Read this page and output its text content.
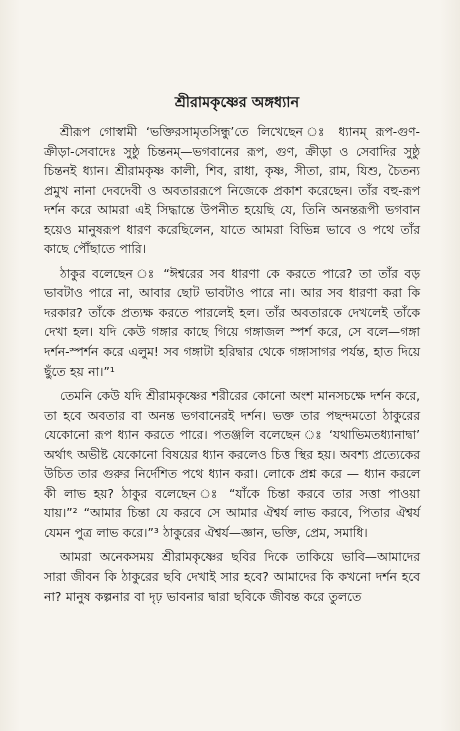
শ্রীরামকৃষ্ণের অঙ্গধ্যান

শ্রীরূপ গোস্বামী ‘ভক্তিরসামৃতসিন্ধু’তে লিখেছেন ঃ ধ্যানম্ রূপ-গুণ-ক্রীড়া-সেবাদেঃ সুষ্ঠু চিন্তনম্—ভগবানের রূপ, গুণ, ক্রীড়া ও সেবাদির সুষ্ঠু চিন্তনই ধ্যান। শ্রীরামকৃষ্ণ কালী, শিব, রাধা, কৃষ্ণ, সীতা, রাম, যিশু, চৈতন্য প্রমুখ নানা দেবদেবী ও অবতাররূপে নিজেকে প্রকাশ করেছেন। তাঁর বহু-রূপ দর্শন করে আমরা এই সিদ্ধান্তে উপনীত হয়েছি যে, তিনি অনন্তরূপী ভগবান হয়েও মানুষরূপ ধারণ করেছিলেন, যাতে আমরা বিভিন্ন ভাবে ও পথে তাঁর কাছে পৌঁছাতে পারি।

ঠাকুর বলেছেন ঃ “ঈশ্বরের সব ধারণা কে করতে পারে? তা তাঁর বড় ভাবটাও পারে না, আবার ছোট ভাবটাও পারে না। আর সব ধারণা করা কি দরকার? তাঁকে প্রত্যক্ষ করতে পারলেই হল। তাঁর অবতারকে দেখলেই তাঁকে দেখা হল। যদি কেউ গঙ্গার কাছে গিয়ে গঙ্গাজল স্পর্শ করে, সে বলে—গঙ্গা দর্শন-স্পর্শন করে এলুম! সব গঙ্গাটা হরিদ্বার থেকে গঙ্গাসাগর পর্যন্ত, হাত দিয়ে ছুঁতে হয় না।”¹

তেমনি কেউ যদি শ্রীরামকৃষ্ণের শরীরের কোনো অংশ মানসচক্ষে দর্শন করে, তা হবে অবতার বা অনন্ত ভগবানেরই দর্শন। ভক্ত তার পছন্দমতো ঠাকুরের যেকোনো রূপ ধ্যান করতে পারে। পতঞ্জলি বলেছেন ঃ ‘যথাভিমতধ্যানাদ্বা’ অর্থাৎ অভীষ্ট যেকোনো বিষয়ের ধ্যান করলেও চিত্ত স্থির হয়। অবশ্য প্রত্যেকের উচিত তার গুরুর নির্দেশিত পথে ধ্যান করা। লোকে প্রশ্ন করে — ধ্যান করলে কী লাভ হয়? ঠাকুর বলেছেন ঃ “যাঁকে চিন্তা করবে তার সত্তা পাওয়া যায়।”² “আমার চিন্তা যে করবে সে আমার ঐশ্বর্য লাভ করবে, পিতার ঐশ্বর্য যেমন পুত্র লাভ করে।”³ ঠাকুরের ঐশ্বর্য—জ্ঞান, ভক্তি, প্রেম, সমাধি।

আমরা অনেকসময় শ্রীরামকৃষ্ণের ছবির দিকে তাকিয়ে ভাবি—আমাদের সারা জীবন কি ঠাকুরের ছবি দেখাই সার হবে? আমাদের কি কখনো দর্শন হবে না? মানুষ কল্পনার বা দৃঢ় ভাবনার দ্বারা ছবিকে জীবন্ত করে তুলতে
